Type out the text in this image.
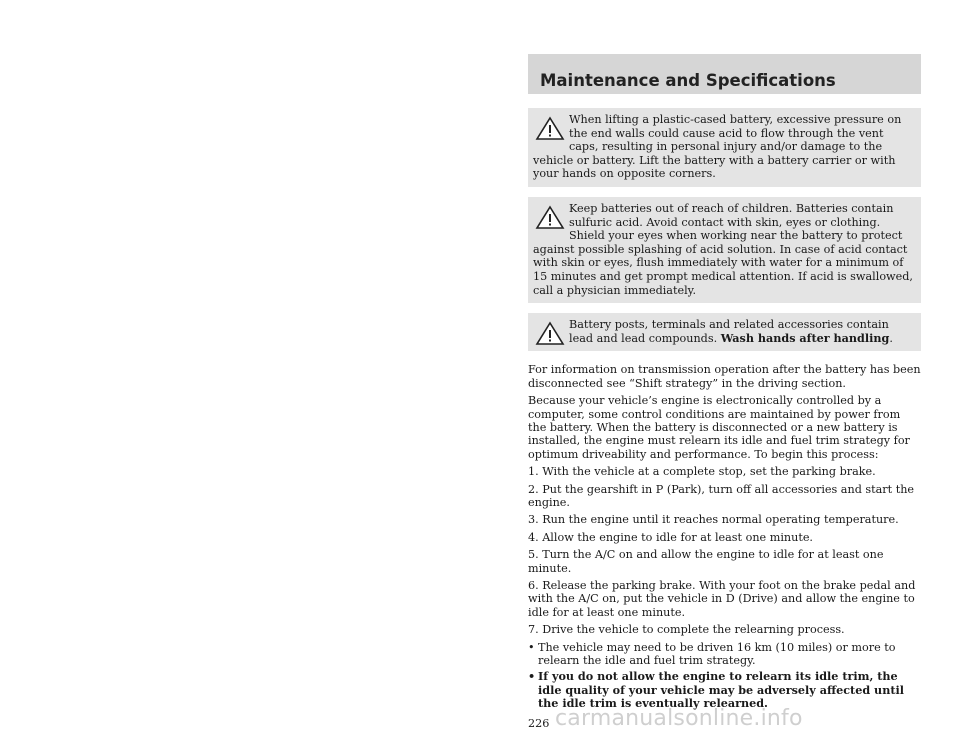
Maintenance and Specifications

When lifting a plastic-cased battery, excessive pressure on the end walls could cause acid to flow through the vent caps, resulting in personal injury and/or damage to the vehicle or battery. Lift the battery with a battery carrier or with your hands on opposite corners.

Keep batteries out of reach of children. Batteries contain sulfuric acid. Avoid contact with skin, eyes or clothing. Shield your eyes when working near the battery to protect against possible splashing of acid solution. In case of acid contact with skin or eyes, flush immediately with water for a minimum of 15 minutes and get prompt medical attention. If acid is swallowed, call a physician immediately.

Battery posts, terminals and related accessories contain lead and lead compounds. Wash hands after handling.

For information on transmission operation after the battery has been disconnected see “Shift strategy” in the driving section.

Because your vehicle’s engine is electronically controlled by a computer, some control conditions are maintained by power from the battery. When the battery is disconnected or a new battery is installed, the engine must relearn its idle and fuel trim strategy for optimum driveability and performance. To begin this process:

1. With the vehicle at a complete stop, set the parking brake.

2. Put the gearshift in P (Park), turn off all accessories and start the engine.

3. Run the engine until it reaches normal operating temperature.

4. Allow the engine to idle for at least one minute.

5. Turn the A/C on and allow the engine to idle for at least one minute.

6. Release the parking brake. With your foot on the brake pedal and with the A/C on, put the vehicle in D (Drive) and allow the engine to idle for at least one minute.

7. Drive the vehicle to complete the relearning process.

• The vehicle may need to be driven 16 km (10 miles) or more to relearn the idle and fuel trim strategy.
• If you do not allow the engine to relearn its idle trim, the idle quality of your vehicle may be adversely affected until the idle trim is eventually relearned.
226 carmanualsonline.info
